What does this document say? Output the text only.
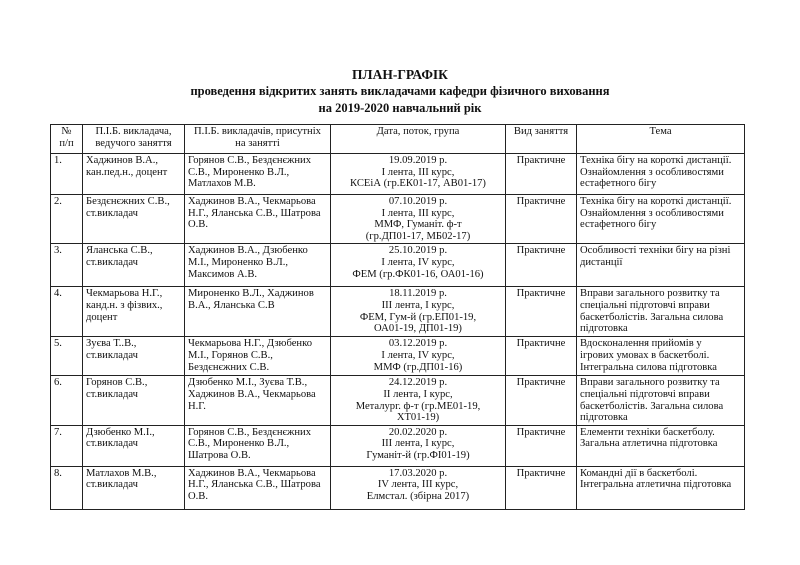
ПЛАН-ГРАФІК
проведення відкритих занять викладачами кафедри фізичного виховання
на 2019-2020 навчальний рік
№
п/п	П.І.Б. викладача,
ведучого заняття	П.І.Б. викладачів, присутніх
на занятті	Дата, поток, група	Вид заняття	Тема

1.	Хаджинов В.А.,
кан.пед.н., доцент	Горянов С.В., Бездєнєжних
С.В., Мироненко В.Л.,
Матлахов М.В.	19.09.2019 р.
І лента, ІІІ курс,
КСЕіА (гр.ЕК01-17, АВ01-17)	Практичне	Техніка бігу на короткі дистанції.
Ознайомлення з особливостями
естафетного бігу

2.	Бездєнєжних С.В.,
ст.викладач	Хаджинов В.А., Чекмарьова
Н.Г., Яланська С.В., Шатрова
О.В.	07.10.2019 р.
І лента, ІІІ курс,
ММФ, Гуманіт. ф-т
(гр.ДП01-17, МБ02-17)	Практичне	Техніка бігу на короткі дистанції.
Ознайомлення з особливостями
естафетного бігу

3.	Яланська С.В.,
ст.викладач	Хаджинов В.А., Дзюбенко
М.І., Мироненко В.Л.,
Максимов А.В.	25.10.2019 р.
І лента, IV курс,
ФЕМ (гр.ФК01-16, ОА01-16)	Практичне	Особливості техніки бігу на різні
дистанції

4.	Чекмарьова Н.Г.,
канд.н. з фізвих.,
доцент	Мироненко В.Л., Хаджинов
В.А., Яланська С.В	18.11.2019 р.
ІІІ лента, І курс,
ФЕМ, Гум-й (гр.ЕП01-19,
ОА01-19, ДП01-19)	Практичне	Вправи загального розвитку та
спеціальні підготовчі вправи
баскетболістів. Загальна силова
підготовка

5.	Зуєва Т..В.,
ст.викладач	Чекмарьова Н.Г., Дзюбенко
М.І., Горянов С.В.,
Бездєнєжних С.В.	03.12.2019 р.
І лента, IV курс,
ММФ (гр.ДП01-16)	Практичне	Вдосконалення прийомів у
ігрових умовах в баскетболі.
Інтегральна силова підготовка

6.	Горянов С.В.,
ст.викладач	Дзюбенко М.І., Зуєва Т.В.,
Хаджинов В.А., Чекмарьова
Н.Г.	24.12.2019 р.
ІІ лента, І курс,
Металург. ф-т (гр.МЕ01-19,
ХТ01-19)	Практичне	Вправи загального розвитку та
спеціальні підготовчі вправи
баскетболістів. Загальна силова
підготовка

7.	Дзюбенко М.І.,
ст.викладач	Горянов С.В., Бездєнєжних
С.В., Мироненко В.Л.,
Шатрова О.В.	20.02.2020 р.
ІІІ лента, І курс,
Гуманіт-й (гр.ФІ01-19)	Практичне	Елементи техніки баскетболу.
Загальна атлетична підготовка

8.	Матлахов М.В.,
ст.викладач	Хаджинов В.А., Чекмарьова
Н.Г., Яланська С.В., Шатрова
О.В.	17.03.2020 р.
IV лента, ІІІ курс,
Елмстал. (збірна 2017)	Практичне	Командні дії в баскетболі.
Інтегральна атлетична підготовка
